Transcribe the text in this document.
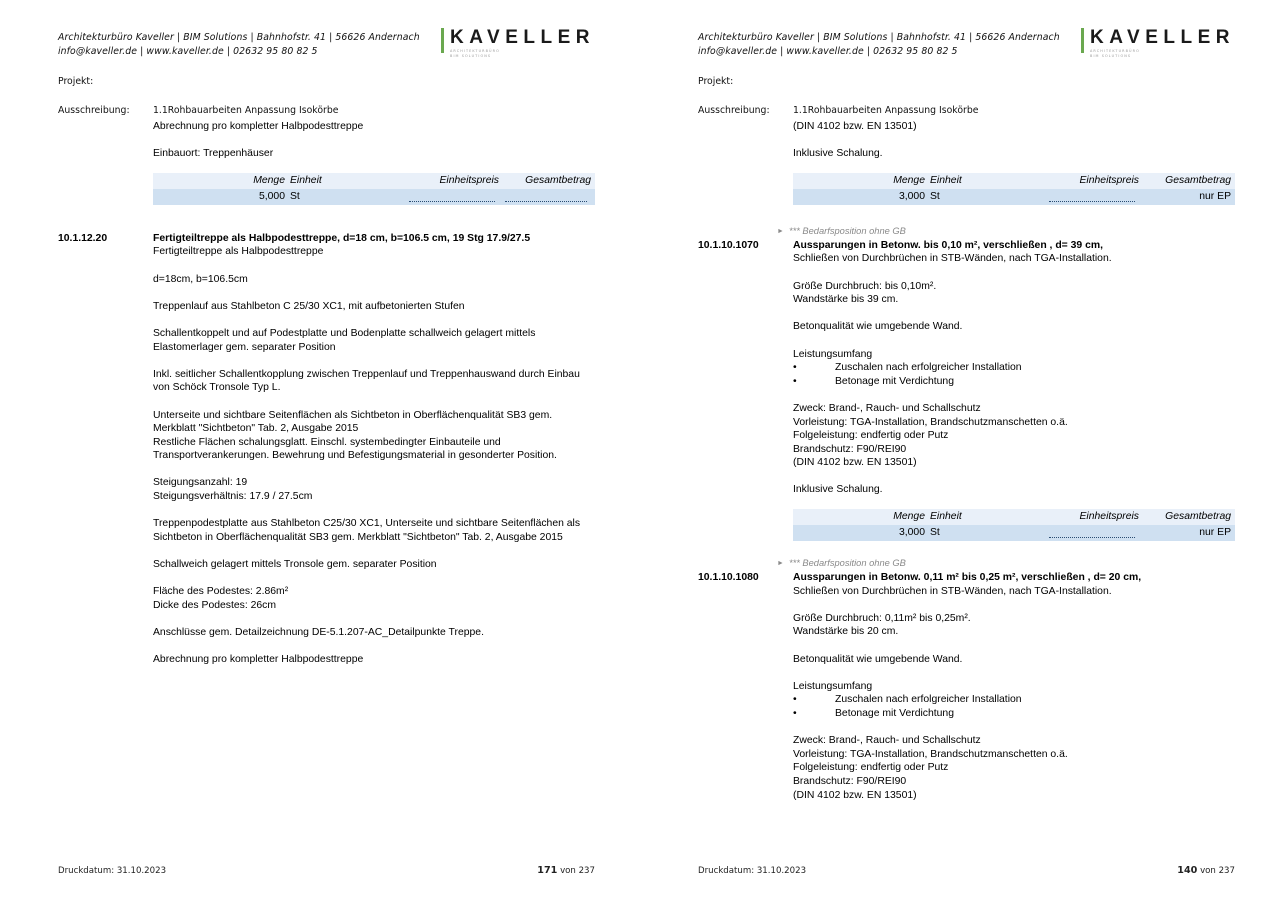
Architekturbüro Kaveller | BIM Solutions | Bahnhofstr. 41 | 56626 Andernach
info@kaveller.de | www.kaveller.de | 02632 95 80 82 5
Projekt:
Ausschreibung:	1.1Rohbauarbeiten Anpassung Isokörbe
KAVELLER
ARCHITEKTURBÜRO
BIM SOLUTIONS

Abrechnung pro kompletter Halbpodesttreppe

Einbauort: Treppenhäuser

	Menge	Einheit		Einheitspreis	Gesamtbetrag
	5,000	St		

10.1.12.20	Fertigteiltreppe als Halbpodesttreppe, d=18 cm, b=106.5 cm, 19 Stg 17.9/27.5

Fertigteiltreppe als Halbpodesttreppe

d=18cm, b=106.5cm

Treppenlauf aus Stahlbeton C 25/30 XC1, mit aufbetonierten Stufen

Schallentkoppelt und auf Podestplatte und Bodenplatte schallweich gelagert mittels Elastomerlager gem. separater Position

Inkl. seitlicher Schallentkopplung zwischen Treppenlauf und Treppenhauswand durch Einbau von Schöck Tronsole Typ L.

Unterseite und sichtbare Seitenflächen als Sichtbeton in Oberflächenqualität SB3 gem. Merkblatt "Sichtbeton" Tab. 2, Ausgabe 2015

Restliche Flächen schalungsglatt. Einschl. systembedingter Einbauteile und Transportverankerungen. Bewehrung und Befestigungsmaterial in gesonderter Position.

Steigungsanzahl: 19

Steigungsverhältnis: 17.9 / 27.5cm

Treppenpodestplatte aus Stahlbeton C25/30 XC1, Unterseite und sichtbare Seitenflächen als Sichtbeton in Oberflächenqualität SB3 gem. Merkblatt "Sichtbeton" Tab. 2, Ausgabe 2015

Schallweich gelagert mittels Tronsole gem. separater Position

Fläche des Podestes: 2.86m²

Dicke des Podestes: 26cm

Anschlüsse gem. Detailzeichnung DE-5.1.207-AC_Detailpunkte Treppe.

Abrechnung pro kompletter Halbpodesttreppe

Druckdatum: 31.10.2023	171 von 237
Architekturbüro Kaveller | BIM Solutions | Bahnhofstr. 41 | 56626 Andernach
info@kaveller.de | www.kaveller.de | 02632 95 80 82 5
Projekt:
Ausschreibung:	1.1Rohbauarbeiten Anpassung Isokörbe
KAVELLER
ARCHITEKTURBÜRO
BIM SOLUTIONS

(DIN 4102 bzw. EN 13501)

Inklusive Schalung.

	Menge	Einheit		Einheitspreis	Gesamtbetrag
	3,000	St			nur EP
10.1.10.1070
► *** Bedarfsposition ohne GB

Aussparungen in Betonw. bis 0,10 m², verschließen , d= 39 cm,

Schließen von Durchbrüchen in STB-Wänden, nach TGA-Installation.

Größe Durchbruch: bis 0,10m².

Wandstärke bis 39 cm.

Betonqualität wie umgebende Wand.

Leistungsumfang

•	Zuschalen nach erfolgreicher Installation
•	Betonage mit Verdichtung

Zweck: Brand-, Rauch- und Schallschutz

Vorleistung: TGA-Installation, Brandschutzmanschetten o.ä.

Folgeleistung: endfertig oder Putz

Brandschutz: F90/REI90

(DIN 4102 bzw. EN 13501)

Inklusive Schalung.

	Menge	Einheit		Einheitspreis	Gesamtbetrag
	3,000	St			nur EP
10.1.10.1080
► *** Bedarfsposition ohne GB

Aussparungen in Betonw. 0,11 m² bis 0,25 m², verschließen , d= 20 cm,

Schließen von Durchbrüchen in STB-Wänden, nach TGA-Installation.

Größe Durchbruch: 0,11m² bis 0,25m².

Wandstärke bis 20 cm.

Betonqualität wie umgebende Wand.

Leistungsumfang

•	Zuschalen nach erfolgreicher Installation
•	Betonage mit Verdichtung

Zweck: Brand-, Rauch- und Schallschutz

Vorleistung: TGA-Installation, Brandschutzmanschetten o.ä.

Folgeleistung: endfertig oder Putz

Brandschutz: F90/REI90

(DIN 4102 bzw. EN 13501)

Druckdatum: 31.10.2023	140 von 237
